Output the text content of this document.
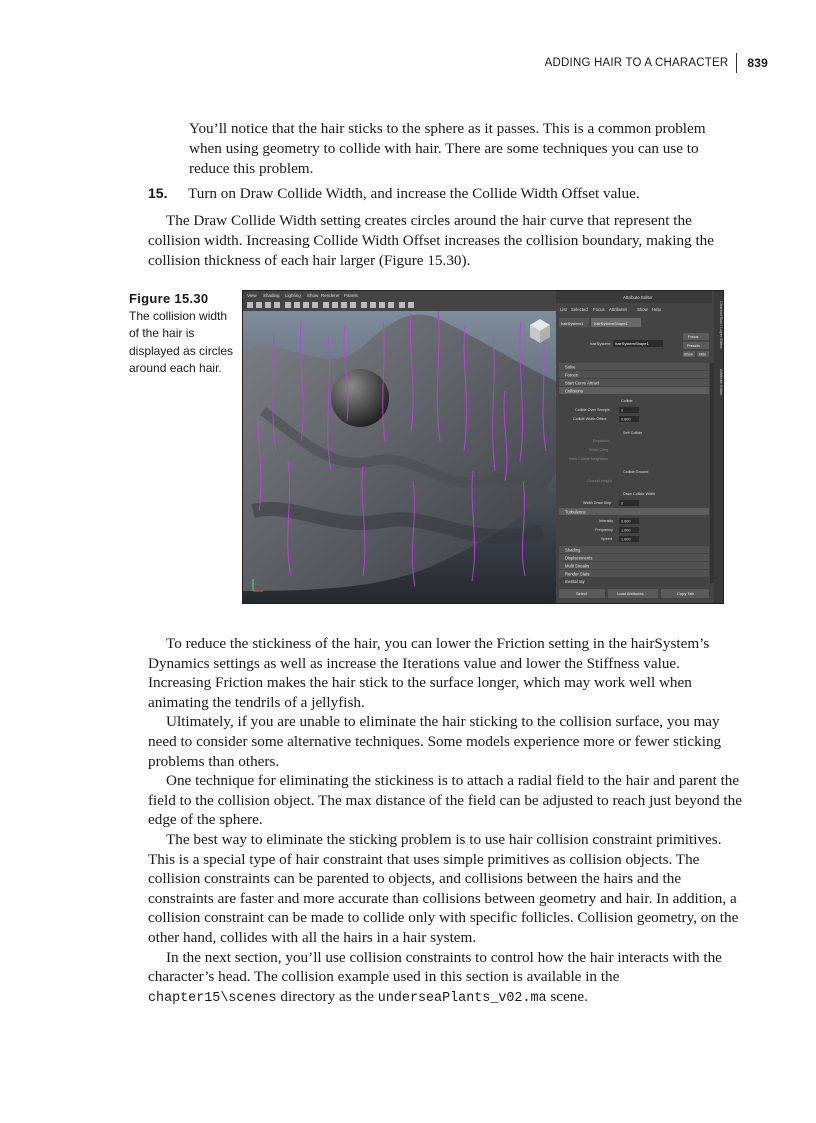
ADDING HAIR TO A CHARACTER	839

You’ll notice that the hair sticks to the sphere as it passes. This is a common problem when using geometry to collide with hair. There are some techniques you can use to reduce this problem.

15. Turn on Draw Collide Width, and increase the Collide Width Offset value.

The Draw Collide Width setting creates circles around the hair curve that represent the collision width. Increasing Collide Width Offset increases the collision boundary, making the collision thickness of each hair larger (Figure 15.30).

Figure 15.30
The collision width of the hair is displayed as circles around each hair.
View Shading Lighting Show Renderer Panels	Attribute Editor
List Selected Focus Attributes Show Help
hairSystem1	hairSystemShape1
hairSystem: hairSystemShape1
Focus
Presets
Show Hide
Solve
Forces
Start Curve Attract
Collisions
Collide
Collide Over Sample	0
Collide Width Offset	0.600
Self Collide
Repulsion
Static Cling
Num Collide Neighbors
Collide Ground
Ground Height
Draw Collide Width
Width Draw Skip	0
Turbulence
Intensity 0.000
Frequency 1.000
Speed 1.000
Shading
Displacements
Multi Streaks
Render Stats
mental ray
Select	Load Attributes	Copy Tab
Channel Box / Layer Editor
Attribute Editor

To reduce the stickiness of the hair, you can lower the Friction setting in the hairSystem’s Dynamics settings as well as increase the Iterations value and lower the Stiffness value. Increasing Friction makes the hair stick to the surface longer, which may work well when animating the tendrils of a jellyfish.

Ultimately, if you are unable to eliminate the hair sticking to the collision surface, you may need to consider some alternative techniques. Some models experience more or fewer sticking problems than others.

One technique for eliminating the stickiness is to attach a radial field to the hair and parent the field to the collision object. The max distance of the field can be adjusted to reach just beyond the edge of the sphere.

The best way to eliminate the sticking problem is to use hair collision constraint primitives. This is a special type of hair constraint that uses simple primitives as collision objects. The collision constraints can be parented to objects, and collisions between the hairs and the constraints are faster and more accurate than collisions between geometry and hair. In addition, a collision constraint can be made to collide only with specific follicles. Collision geometry, on the other hand, collides with all the hairs in a hair system.

In the next section, you’ll use collision constraints to control how the hair interacts with the character’s head. The collision example used in this section is available in the chapter15\scenes directory as the underseaPlants_v02.ma scene.
